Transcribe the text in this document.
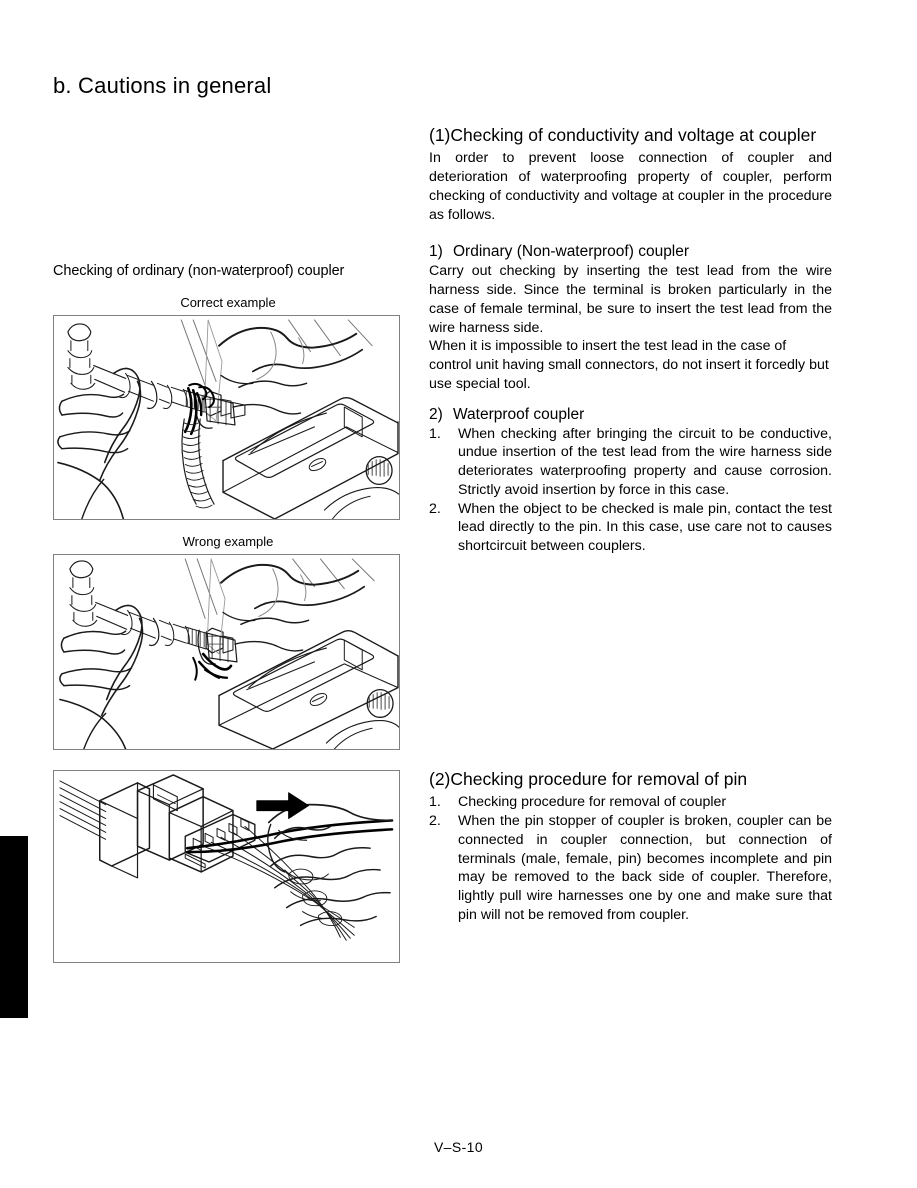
b. Cautions in general
Checking of ordinary (non-waterproof) coupler
Correct example
Wrong example
(1) Checking of conductivity and voltage at coupler

In order to prevent loose connection of coupler and deterioration of waterproofing property of coupler, perform checking of conductivity and voltage at coupler in the procedure as follows.

1) Ordinary (Non-waterproof) coupler

Carry out checking by inserting the test lead from the wire harness side. Since the terminal is broken particularly in the case of female terminal, be sure to insert the test lead from the wire harness side.

When it is impossible to insert the test lead in the case of control unit having small connectors, do not insert it forcedly but use special tool.

2) Waterproof coupler
1.	When checking after bringing the circuit to be conductive, undue insertion of the test lead from the wire harness side deteriorates waterproofing property and cause corrosion. Strictly avoid insertion by force in this case.
2.	When the object to be checked is male pin, contact the test lead directly to the pin. In this case, use care not to causes shortcircuit between couplers.
(2) Checking procedure for removal of pin
1.	Checking procedure for removal of coupler
2.	When the pin stopper of coupler is broken, coupler can be connected in coupler connection, but connection of terminals (male, female, pin) becomes incomplete and pin may be removed to the back side of coupler. Therefore, lightly pull wire harnesses one by one and make sure that pin will not be removed from coupler.
V–S-10
